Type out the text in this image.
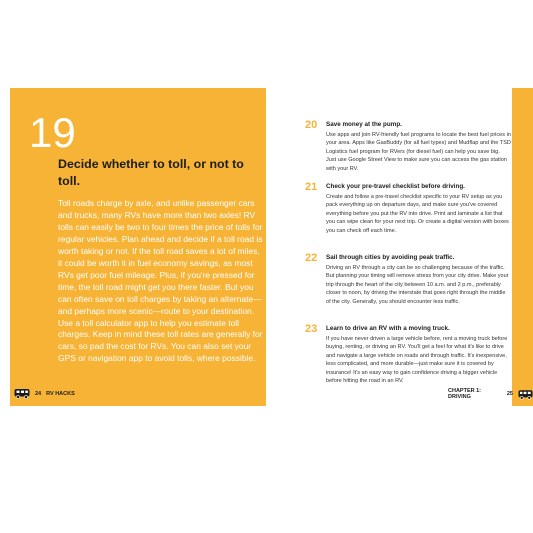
19
Decide whether to toll, or not to toll.

Toll roads charge by axle, and unlike passenger cars and trucks, many RVs have more than two axles! RV tolls can easily be two to four times the price of tolls for regular vehicles. Plan ahead and decide if a toll road is worth taking or not. If the toll road saves a lot of miles, it could be worth it in fuel economy savings, as most RVs get poor fuel mileage. Plus, if you're pressed for time, the toll road might get you there faster. But you can often save on toll charges by taking an alternate—and perhaps more scenic—route to your destination. Use a toll calculator app to help you estimate toll charges. Keep in mind these toll rates are generally for cars, so pad the cost for RVs. You can also set your GPS or navigation app to avoid tolls, where possible.

24 RV HACKS
20 Save money at the pump.

Use apps and join RV-friendly fuel programs to locate the best fuel prices in your area. Apps like GasBuddy (for all fuel types) and Mudflap and the TSD Logistics fuel program for RVers (for diesel fuel) can help you save big. Just use Google Street View to make sure you can access the gas station with your RV.

21 Check your pre-travel checklist before driving.

Create and follow a pre-travel checklist specific to your RV setup as you pack everything up on departure days, and make sure you've covered everything before you put the RV into drive. Print and laminate a list that you can wipe clean for your next trip. Or create a digital version with boxes you can check off each time.

22 Sail through cities by avoiding peak traffic.

Driving an RV through a city can be so challenging because of the traffic. But planning your timing will remove stress from your city drive. Make your trip through the heart of the city between 10 a.m. and 2 p.m., preferably closer to noon, by driving the interstate that goes right through the middle of the city. Generally, you should encounter less traffic.

23 Learn to drive an RV with a moving truck.

If you have never driven a large vehicle before, rent a moving truck before buying, renting, or driving an RV. You'll get a feel for what it's like to drive and navigate a large vehicle on roads and through traffic. It's inexpensive, less complicated, and more durable—just make sure it is covered by insurance! It's an easy way to gain confidence driving a bigger vehicle before hitting the road in an RV.

CHAPTER 1: DRIVING	25
